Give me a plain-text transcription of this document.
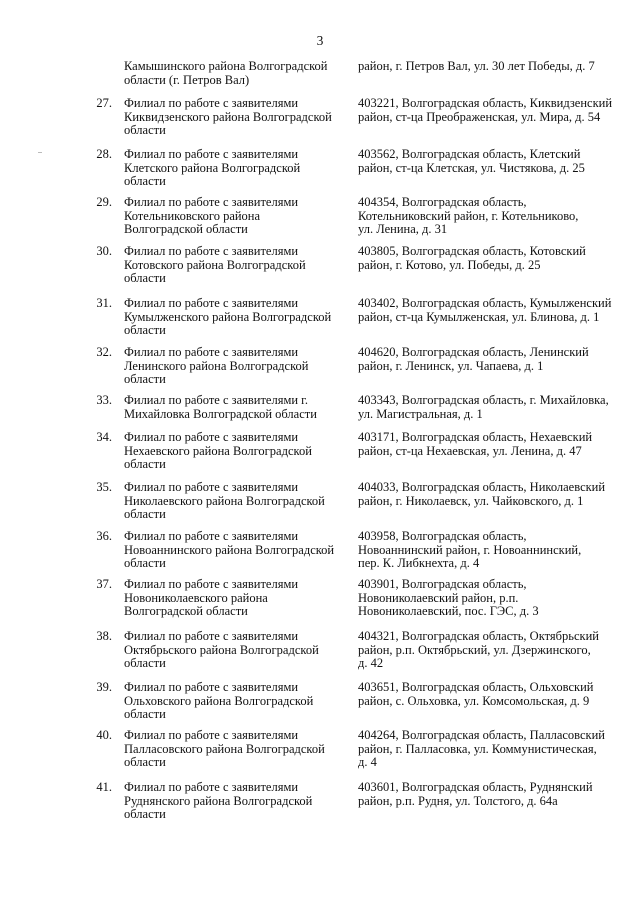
3
Камышинского района Волгоградской
области (г. Петров Вал)
район, г. Петров Вал, ул. 30 лет Победы, д. 7
27. Филиал по работе с заявителями
Киквидзенского района Волгоградской
области
403221, Волгоградская область, Киквидзенский
район, ст-ца Преображенская, ул. Мира, д. 54
28. Филиал по работе с заявителями
Клетского района Волгоградской
области
403562, Волгоградская область, Клетский
район, ст-ца Клетская, ул. Чистякова, д. 25
29. Филиал по работе с заявителями
Котельниковского района
Волгоградской области
404354, Волгоградская область,
Котельниковский район, г. Котельниково,
ул. Ленина, д. 31
30. Филиал по работе с заявителями
Котовского района Волгоградской
области
403805, Волгоградская область, Котовский
район, г. Котово, ул. Победы, д. 25
31. Филиал по работе с заявителями
Кумылженского района Волгоградской
области
403402, Волгоградская область, Кумылженский
район, ст-ца Кумылженская, ул. Блинова, д. 1
32. Филиал по работе с заявителями
Ленинского района Волгоградской
области
404620, Волгоградская область, Ленинский
район, г. Ленинск, ул. Чапаева, д. 1
33. Филиал по работе с заявителями г.
Михайловка Волгоградской области
403343, Волгоградская область, г. Михайловка,
ул. Магистральная, д. 1
34. Филиал по работе с заявителями
Нехаевского района Волгоградской
области
403171, Волгоградская область, Нехаевский
район, ст-ца Нехаевская, ул. Ленина, д. 47
35. Филиал по работе с заявителями
Николаевского района Волгоградской
области
404033, Волгоградская область, Николаевский
район, г. Николаевск, ул. Чайковского, д. 1
36. Филиал по работе с заявителями
Новоаннинского района Волгоградской
области
403958, Волгоградская область,
Новоаннинский район, г. Новоаннинский,
пер. К. Либкнехта, д. 4
37. Филиал по работе с заявителями
Новониколаевского района
Волгоградской области
403901, Волгоградская область,
Новониколаевский район, р.п.
Новониколаевский, пос. ГЭС, д. 3
38. Филиал по работе с заявителями
Октябрьского района Волгоградской
области
404321, Волгоградская область, Октябрьский
район, р.п. Октябрьский, ул. Дзержинского,
д. 42
39. Филиал по работе с заявителями
Ольховского района Волгоградской
области
403651, Волгоградская область, Ольховский
район, с. Ольховка, ул. Комсомольская, д. 9
40. Филиал по работе с заявителями
Палласовского района Волгоградской
области
404264, Волгоградская область, Палласовский
район, г. Палласовка, ул. Коммунистическая,
д. 4
41. Филиал по работе с заявителями
Руднянского района Волгоградской
области
403601, Волгоградская область, Руднянский
район, р.п. Рудня, ул. Толстого, д. 64а
